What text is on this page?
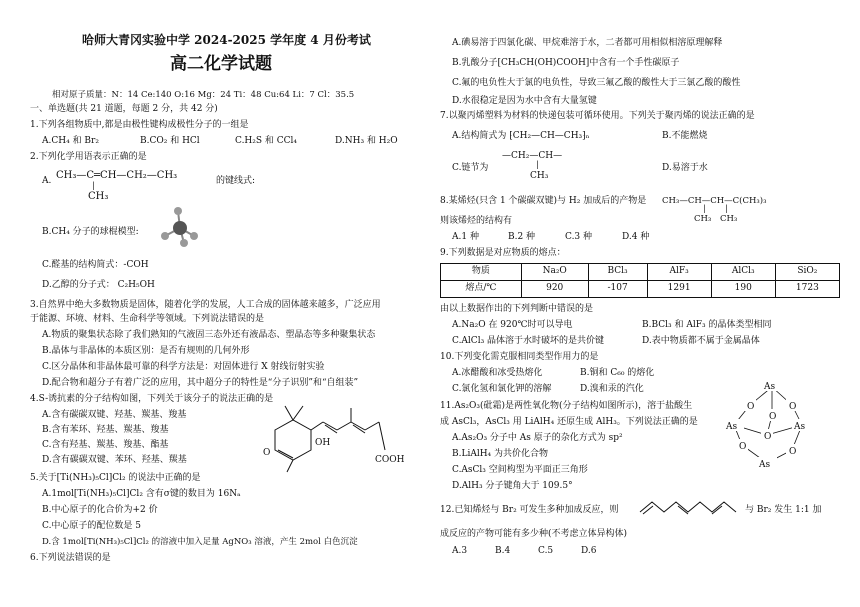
哈师大青冈实验中学 2024-2025 学年度 4 月份考试
高二化学试题
相对原子质量：N：14 Ce:140 O:16 Mg：24 Ti：48 Cu:64 Li：7 Cl：35.5
一、单选题(共 21 道题，每题 2 分，共 42 分)
1.下列各组物质中,都是由极性键构成极性分子的一组是
A.CH₄ 和 Br₂	B.CO₂ 和 HCl	C.H₂S 和 CCl₄	D.NH₃ 和 H₂O
2.下列化学用语表示正确的是
A. CH₃—C═CH—CH₂—CH₃
|
CH₃
的键线式:
B.CH₄ 分子的球棍模型:
C.醛基的结构简式：-COH
D.乙醇的分子式： C₂H₅OH
3.自然界中绝大多数物质是固体，随着化学的发展，人工合成的固体越来越多，广泛应用
于能源、环境、材料、生命科学等领域。下列说法错误的是
A.物质的聚集状态除了我们熟知的气液固三态外还有液晶态、塑晶态等多种聚集状态
B.晶体与非晶体的本质区别：是否有规则的几何外形
C.区分晶体和非晶体最可靠的科学方法是：对固体进行 X 射线衍射实验
D.配合物和超分子有着广泛的应用，其中超分子的特性是“分子识别”和“自组装”
4.S-诱抗素的分子结构如图，下列关于该分子的说法正确的是
A.含有碳碳双键、羟基、羰基、羧基
B.含有苯环、羟基、羰基、羧基
C.含有羟基、羰基、羧基、酯基
D.含有碳碳双键、苯环、羟基、羰基
O
OH
COOH
5.关于[Ti(NH₃)₅Cl]Cl₂ 的说法中正确的是
A.1mol[Ti(NH₃)₅Cl]Cl₂ 含有σ键的数目为 16Nₐ
B.中心原子的化合价为+2 价
C.中心原子的配位数是 5
D.含 1mol[Ti(NH₃)₅Cl]Cl₂ 的溶液中加入足量 AgNO₃ 溶液，产生 2mol 白色沉淀
6.下列说法错误的是
A.碘易溶于四氯化碳、甲烷难溶于水，二者都可用相似相溶原理解释
B.乳酸分子[CH₃CH(OH)COOH]中含有一个手性碳原子
C.氟的电负性大于氯的电负性，导致三氟乙酸的酸性大于三氯乙酸的酸性
D.水很稳定是因为水中含有大量氢键
7.以聚丙烯塑料为材料的快递包装可循环使用。下列关于聚丙烯的说法正确的是
A.结构简式为 ⁅CH₂—CH—CH₃⁆ₙ	B.不能燃烧
C.链节为
—CH₂—CH—
|
CH₃
D.易溶于水
8.某烯烃(只含 1 个碳碳双键)与 H₂ 加成后的产物是 CH₃—CH—CH—C(CH₃)₃
| |
CH₃ CH₃
则该烯烃的结构有
A.1 种	B.2 种	C.3 种	D.4 种
9.下列数据是对应物质的熔点：
物质	Na₂O	BCl₃	AlF₃	AlCl₃	SiO₂
熔点/℃	920	-107	1291	190	1723
由以上数据作出的下列判断中错误的是
A.Na₂O 在 920℃时可以导电	B.BCl₃ 和 AlF₃ 的晶体类型相同
C.AlCl₃ 晶体溶于水时破坏的是共价键	D.表中物质都不属于金属晶体
10.下列变化需克服相同类型作用力的是
A.冰醋酸和冰受热熔化	B.铜和 C₆₀ 的熔化
C.氯化氢和氯化钾的溶解	D.溴和汞的汽化
11.As₂O₃(砒霜)是两性氧化物(分子结构如图所示)，溶于盐酸生
成 AsCl₃，AsCl₃ 用 LiAlH₄ 还原生成 AlH₃。下列说法正确的是
A.As₂O₃ 分子中 As 原子的杂化方式为 sp²
B.LiAlH₄ 为共价化合物
C.AsCl₃ 空间构型为平面正三角形
D.AlH₃ 分子键角大于 109.5°
As
O	O
O
As	As
O
O	O
As
12.已知烯烃与 Br₂ 可发生多种加成反应，则	与 Br₂ 发生 1:1 加
成反应的产物可能有多少种(不考虑立体异构体)
A.3	B.4	C.5	D.6
